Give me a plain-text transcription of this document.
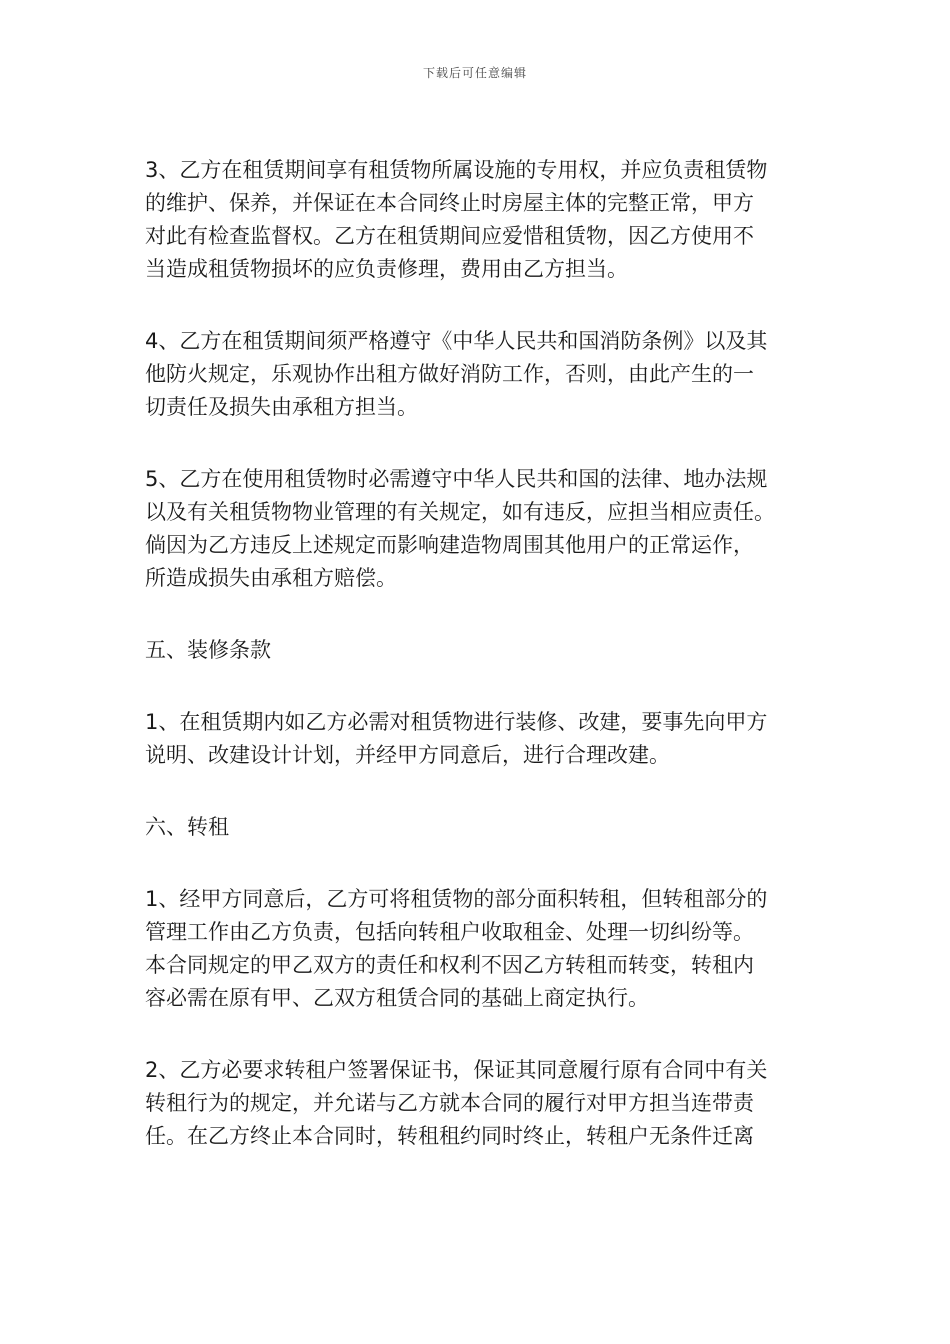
下载后可任意编辑

3、乙方在租赁期间享有租赁物所属设施的专用权，并应负责租赁物
的维护、保养，并保证在本合同终止时房屋主体的完整正常，甲方
对此有检查监督权。乙方在租赁期间应爱惜租赁物，因乙方使用不
当造成租赁物损坏的应负责修理，费用由乙方担当。

4、乙方在租赁期间须严格遵守《中华人民共和国消防条例》以及其
他防火规定，乐观协作出租方做好消防工作，否则，由此产生的一
切责任及损失由承租方担当。

5、乙方在使用租赁物时必需遵守中华人民共和国的法律、地办法规
以及有关租赁物物业管理的有关规定，如有违反，应担当相应责任。
倘因为乙方违反上述规定而影响建造物周围其他用户的正常运作，
所造成损失由承租方赔偿。

五、装修条款

1、在租赁期内如乙方必需对租赁物进行装修、改建，要事先向甲方
说明、改建设计计划，并经甲方同意后，进行合理改建。

六、转租

1、经甲方同意后，乙方可将租赁物的部分面积转租，但转租部分的
管理工作由乙方负责，包括向转租户收取租金、处理一切纠纷等。
本合同规定的甲乙双方的责任和权利不因乙方转租而转变，转租内
容必需在原有甲、乙双方租赁合同的基础上商定执行。

2、乙方必要求转租户签署保证书，保证其同意履行原有合同中有关
转租行为的规定，并允诺与乙方就本合同的履行对甲方担当连带责
任。在乙方终止本合同时，转租租约同时终止，转租户无条件迁离
